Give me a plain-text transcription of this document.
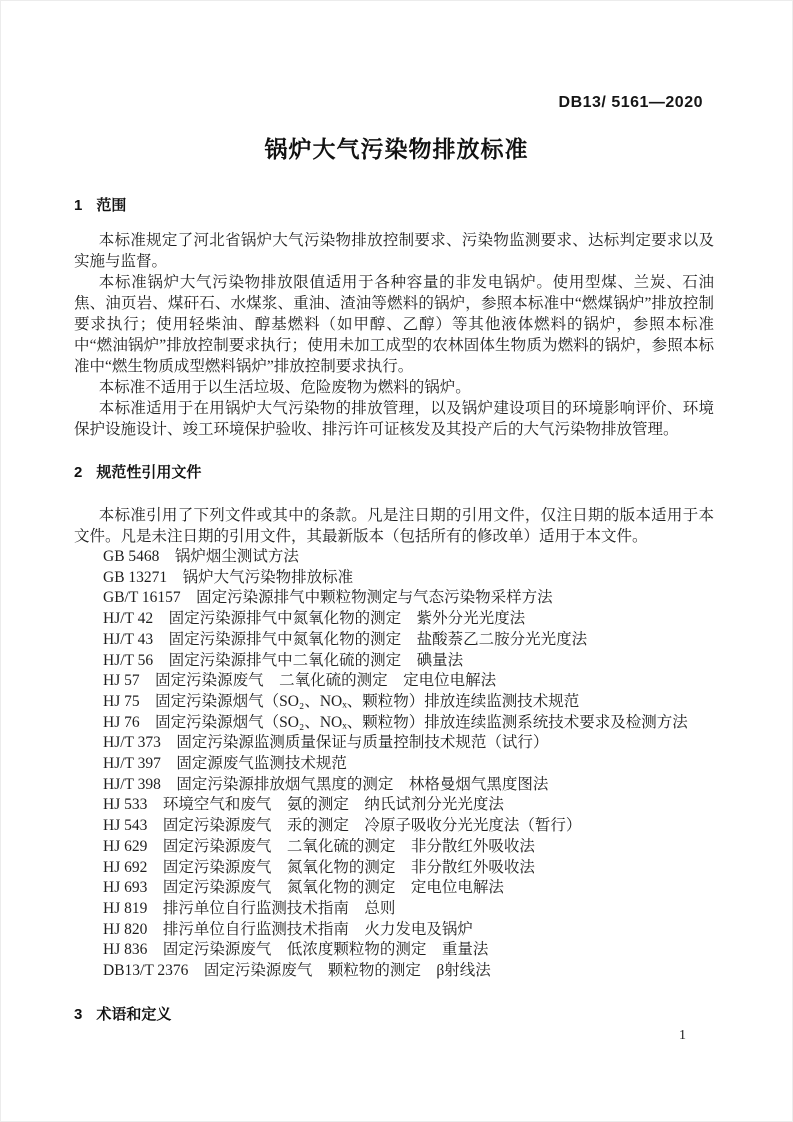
DB13/ 5161—2020
锅炉大气污染物排放标准
1 范围

本标准规定了河北省锅炉大气污染物排放控制要求、污染物监测要求、达标判定要求以及实施与监督。

本标准锅炉大气污染物排放限值适用于各种容量的非发电锅炉。使用型煤、兰炭、石油焦、油页岩、煤矸石、水煤浆、重油、渣油等燃料的锅炉，参照本标准中“燃煤锅炉”排放控制要求执行；使用轻柴油、醇基燃料（如甲醇、乙醇）等其他液体燃料的锅炉，参照本标准中“燃油锅炉”排放控制要求执行；使用未加工成型的农林固体生物质为燃料的锅炉，参照本标准中“燃生物质成型燃料锅炉”排放控制要求执行。

本标准不适用于以生活垃圾、危险废物为燃料的锅炉。

本标准适用于在用锅炉大气污染物的排放管理，以及锅炉建设项目的环境影响评价、环境保护设施设计、竣工环境保护验收、排污许可证核发及其投产后的大气污染物排放管理。

2 规范性引用文件

本标准引用了下列文件或其中的条款。凡是注日期的引用文件，仅注日期的版本适用于本文件。凡是未注日期的引用文件，其最新版本（包括所有的修改单）适用于本文件。

GB 5468　锅炉烟尘测试方法
GB 13271　锅炉大气污染物排放标准
GB/T 16157　固定污染源排气中颗粒物测定与气态污染物采样方法
HJ/T 42　固定污染源排气中氮氧化物的测定　紫外分光光度法
HJ/T 43　固定污染源排气中氮氧化物的测定　盐酸萘乙二胺分光光度法
HJ/T 56　固定污染源排气中二氧化硫的测定　碘量法
HJ 57　固定污染源废气　二氧化硫的测定　定电位电解法
HJ 75　固定污染源烟气（SO₂、NOₓ、颗粒物）排放连续监测技术规范
HJ 76　固定污染源烟气（SO₂、NOₓ、颗粒物）排放连续监测系统技术要求及检测方法
HJ/T 373　固定污染源监测质量保证与质量控制技术规范（试行）
HJ/T 397　固定源废气监测技术规范
HJ/T 398　固定污染源排放烟气黑度的测定　林格曼烟气黑度图法
HJ 533　环境空气和废气　氨的测定　纳氏试剂分光光度法
HJ 543　固定污染源废气　汞的测定　冷原子吸收分光光度法（暂行）
HJ 629　固定污染源废气　二氧化硫的测定　非分散红外吸收法
HJ 692　固定污染源废气　氮氧化物的测定　非分散红外吸收法
HJ 693　固定污染源废气　氮氧化物的测定　定电位电解法
HJ 819　排污单位自行监测技术指南　总则
HJ 820　排污单位自行监测技术指南　火力发电及锅炉
HJ 836　固定污染源废气　低浓度颗粒物的测定　重量法
DB13/T 2376　固定污染源废气　颗粒物的测定　β射线法
3 术语和定义
1
